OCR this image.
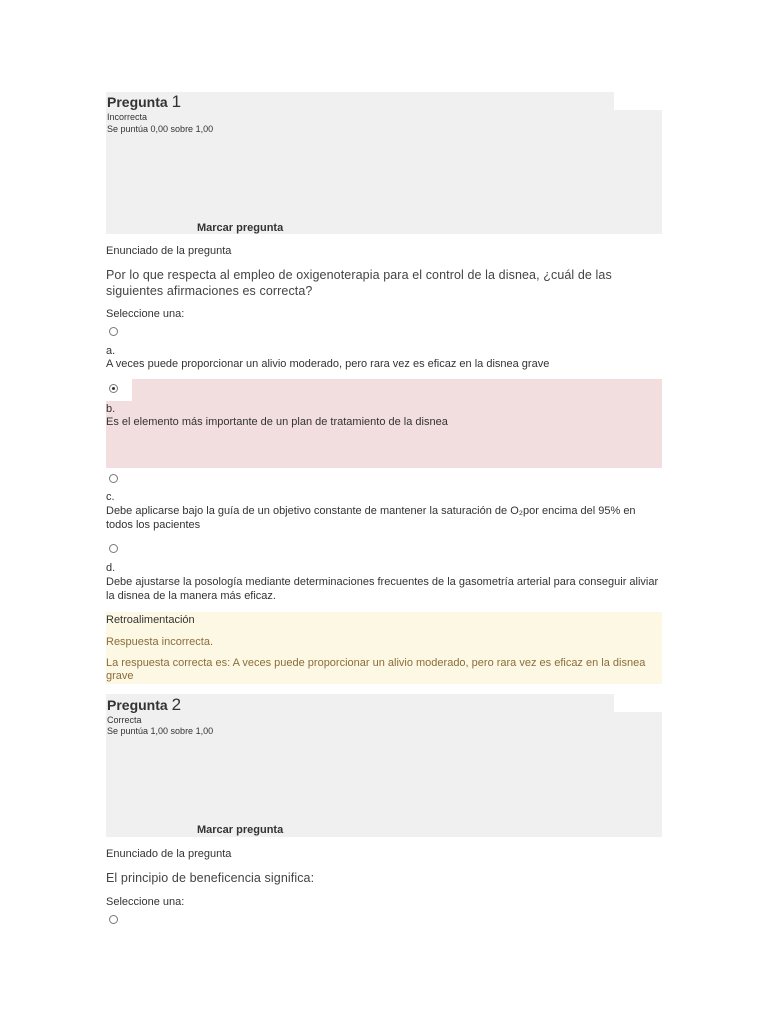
Pregunta 1
Incorrecta
Se puntúa 0,00 sobre 1,00
Marcar pregunta
Enunciado de la pregunta
Por lo que respecta al empleo de oxigenoterapia para el control de la disnea, ¿cuál de las siguientes afirmaciones es correcta?
Seleccione una:
a.
A veces puede proporcionar un alivio moderado, pero rara vez es eficaz en la disnea grave
b.
Es el elemento más importante de un plan de tratamiento de la disnea
c.
Debe aplicarse bajo la guía de un objetivo constante de mantener la saturación de O₂por encima del 95% en todos los pacientes
d.
Debe ajustarse la posología mediante determinaciones frecuentes de la gasometría arterial para conseguir aliviar la disnea de la manera más eficaz.
Retroalimentación
Respuesta incorrecta.
La respuesta correcta es: A veces puede proporcionar un alivio moderado, pero rara vez es eficaz en la disnea grave
Pregunta 2
Correcta
Se puntúa 1,00 sobre 1,00
Marcar pregunta
Enunciado de la pregunta
El principio de beneficencia significa:
Seleccione una:
